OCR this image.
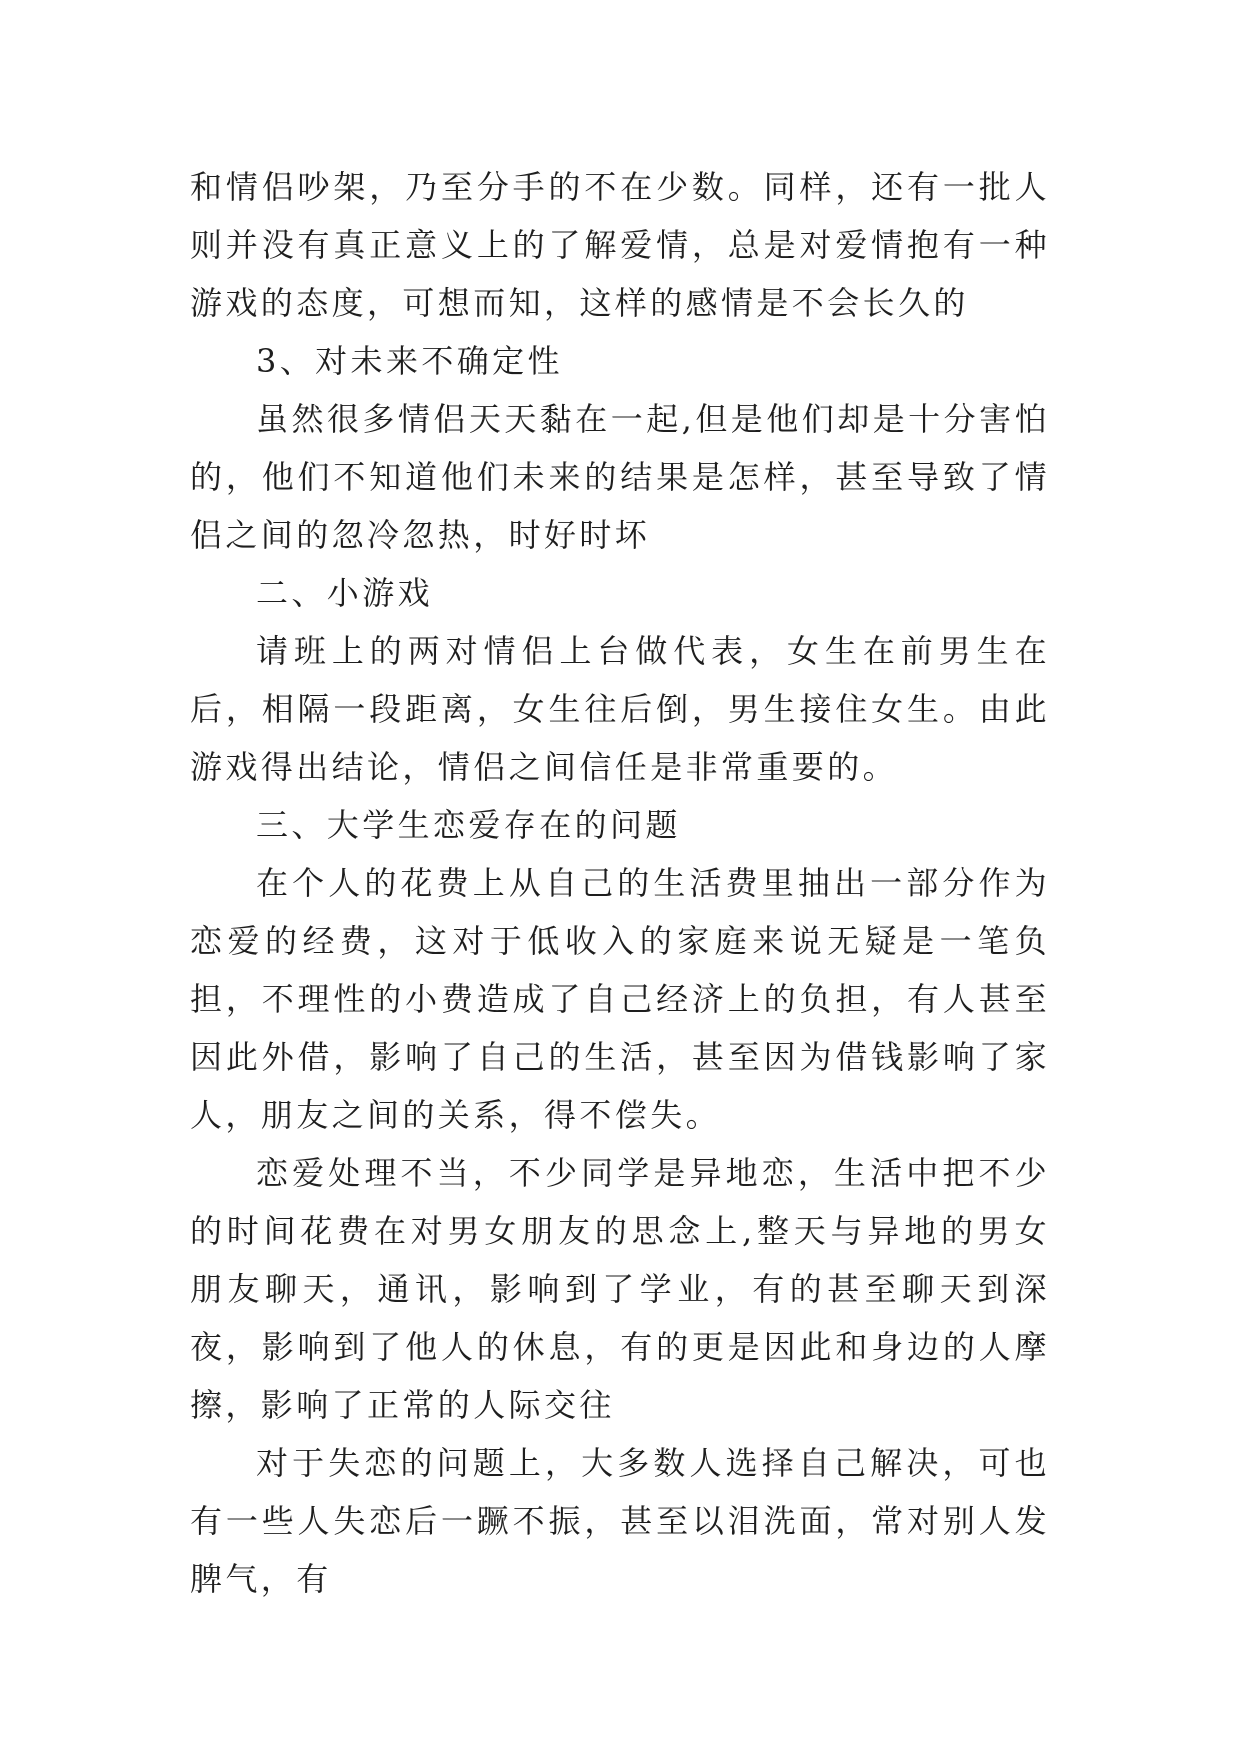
和情侣吵架，乃至分手的不在少数。同样，还有一批人则并没有真正意义上的了解爱情，总是对爱情抱有一种游戏的态度，可想而知，这样的感情是不会长久的

3、对未来不确定性

虽然很多情侣天天黏在一起,但是他们却是十分害怕的，他们不知道他们未来的结果是怎样，甚至导致了情侣之间的忽冷忽热，时好时坏

二、小游戏

请班上的两对情侣上台做代表，女生在前男生在后，相隔一段距离，女生往后倒，男生接住女生。由此游戏得出结论，情侣之间信任是非常重要的。

三、大学生恋爱存在的问题

在个人的花费上从自己的生活费里抽出一部分作为恋爱的经费，这对于低收入的家庭来说无疑是一笔负担，不理性的小费造成了自己经济上的负担，有人甚至因此外借，影响了自己的生活，甚至因为借钱影响了家人，朋友之间的关系，得不偿失。

恋爱处理不当，不少同学是异地恋，生活中把不少的时间花费在对男女朋友的思念上,整天与异地的男女朋友聊天，通讯，影响到了学业，有的甚至聊天到深夜，影响到了他人的休息，有的更是因此和身边的人摩擦，影响了正常的人际交往

对于失恋的问题上，大多数人选择自己解决，可也有一些人失恋后一蹶不振，甚至以泪洗面，常对别人发脾气，有
